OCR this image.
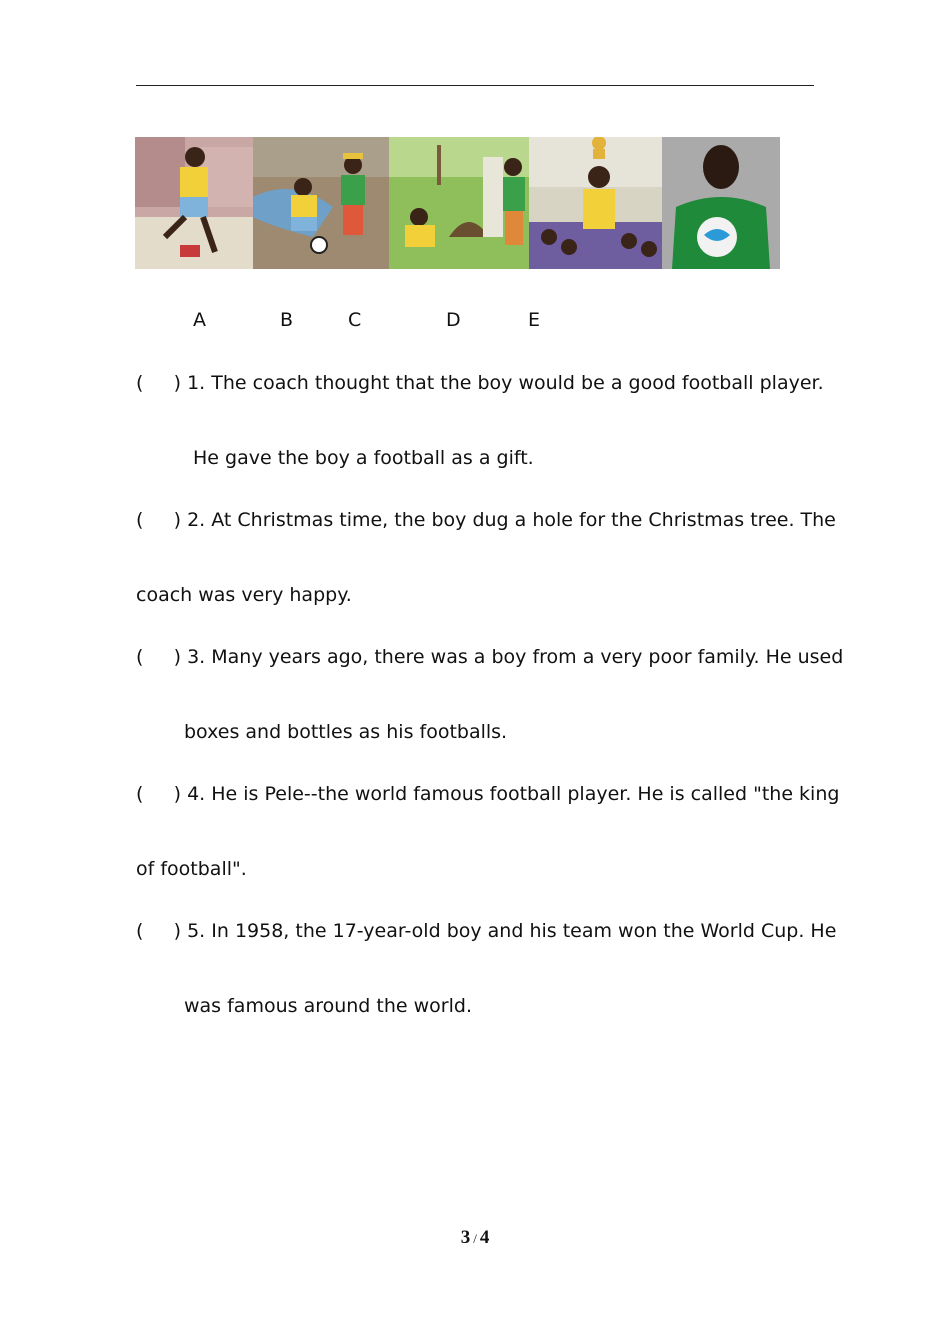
A	B	C	D	E
(     ) 1. The coach thought that the boy would be a good football player.
He gave the boy a football as a gift.
(     ) 2. At Christmas time, the boy dug a hole for the Christmas tree. The
coach was very happy.
(     ) 3. Many years ago, there was a boy from a very poor family. He used
boxes and bottles as his footballs.
(     ) 4. He is Pele--the world famous football player. He is called "the king
of football".
(     ) 5. In 1958, the 17-year-old boy and his team won the World Cup. He
was famous around the world.
3 / 4
